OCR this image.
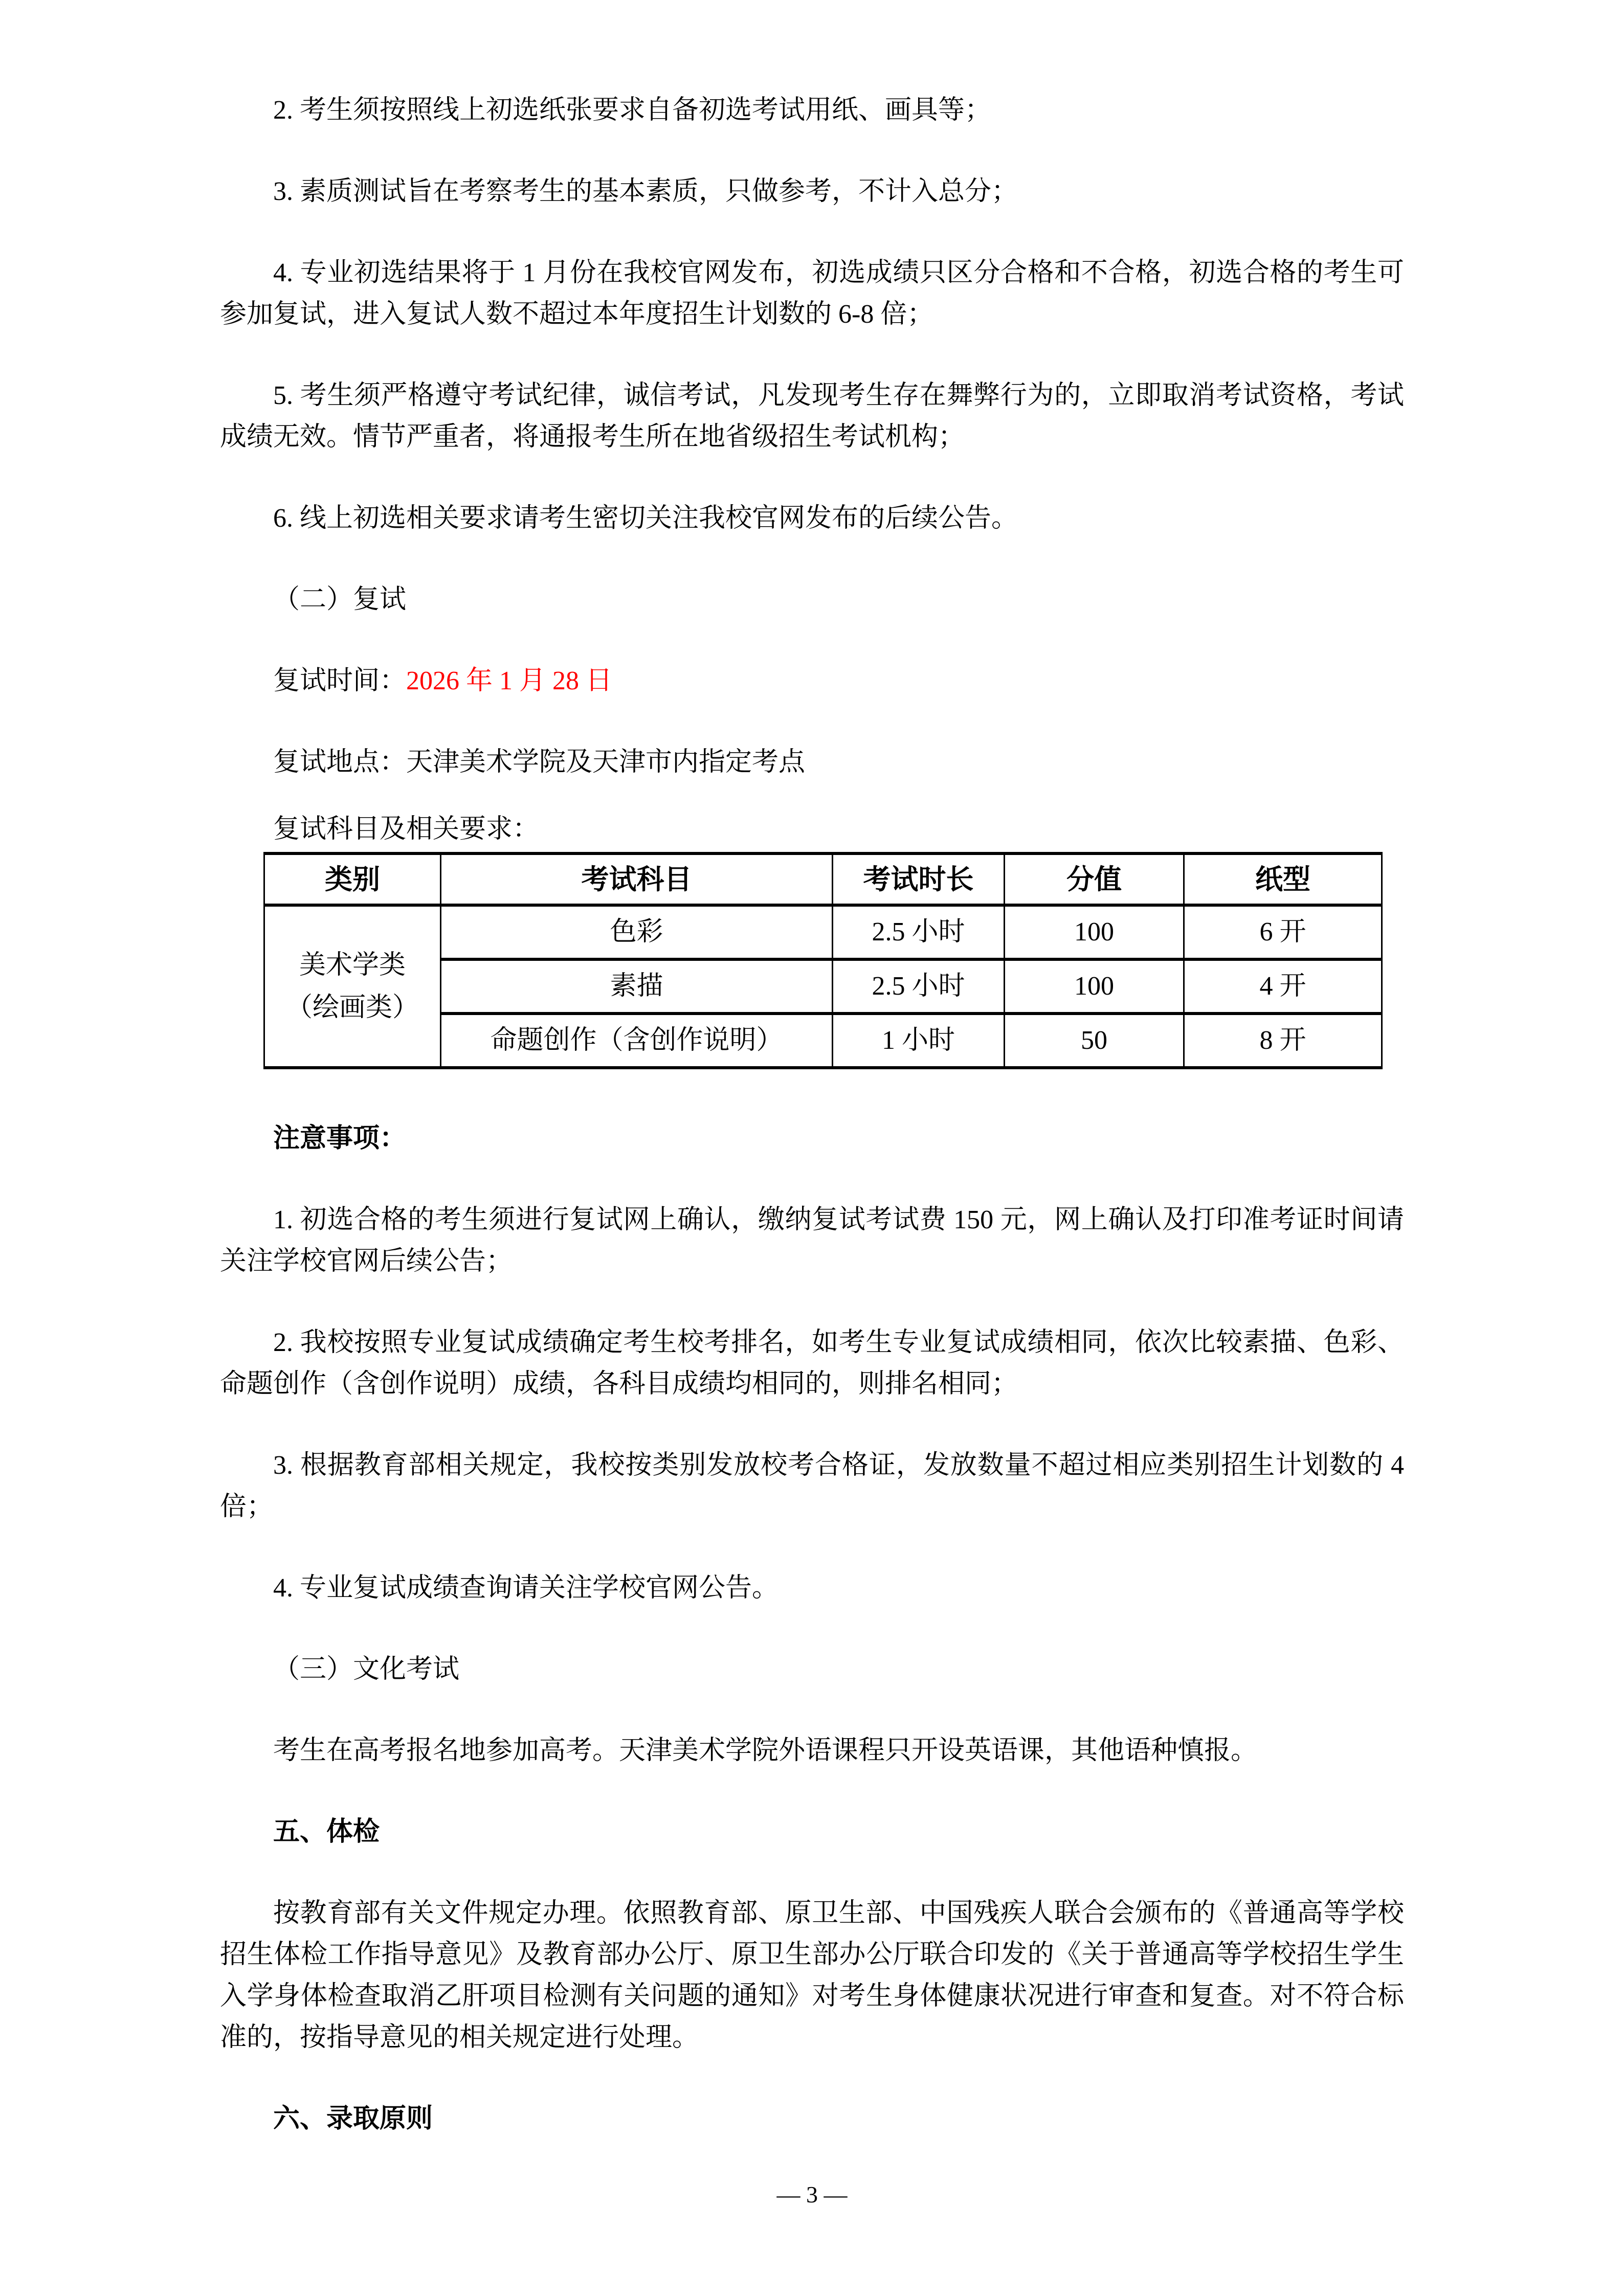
2. 考生须按照线上初选纸张要求自备初选考试用纸、画具等；

3. 素质测试旨在考察考生的基本素质，只做参考，不计入总分；

4. 专业初选结果将于 1 月份在我校官网发布，初选成绩只区分合格和不合格，初选合格的考生可参加复试，进入复试人数不超过本年度招生计划数的 6-8 倍；

5. 考生须严格遵守考试纪律，诚信考试，凡发现考生存在舞弊行为的，立即取消考试资格，考试成绩无效。情节严重者，将通报考生所在地省级招生考试机构；

6. 线上初选相关要求请考生密切关注我校官网发布的后续公告。

（二）复试

复试时间：2026 年 1 月 28 日

复试地点：天津美术学院及天津市内指定考点

复试科目及相关要求：

类别	考试科目	考试时长	分值	纸型

美术学类
（绘画类）	色彩	2.5 小时	100	6 开
	素描	2.5 小时	100	4 开
	命题创作（含创作说明）	1 小时	50	8 开

注意事项：

1. 初选合格的考生须进行复试网上确认，缴纳复试考试费 150 元，网上确认及打印准考证时间请关注学校官网后续公告；

2. 我校按照专业复试成绩确定考生校考排名，如考生专业复试成绩相同，依次比较素描、色彩、命题创作（含创作说明）成绩，各科目成绩均相同的，则排名相同；

3. 根据教育部相关规定，我校按类别发放校考合格证，发放数量不超过相应类别招生计划数的 4 倍；

4. 专业复试成绩查询请关注学校官网公告。

（三）文化考试

考生在高考报名地参加高考。天津美术学院外语课程只开设英语课，其他语种慎报。

五、体检

按教育部有关文件规定办理。依照教育部、原卫生部、中国残疾人联合会颁布的《普通高等学校招生体检工作指导意见》及教育部办公厅、原卫生部办公厅联合印发的《关于普通高等学校招生学生入学身体检查取消乙肝项目检测有关问题的通知》对考生身体健康状况进行审查和复查。对不符合标准的，按指导意见的相关规定进行处理。

六、录取原则

— 3 —
